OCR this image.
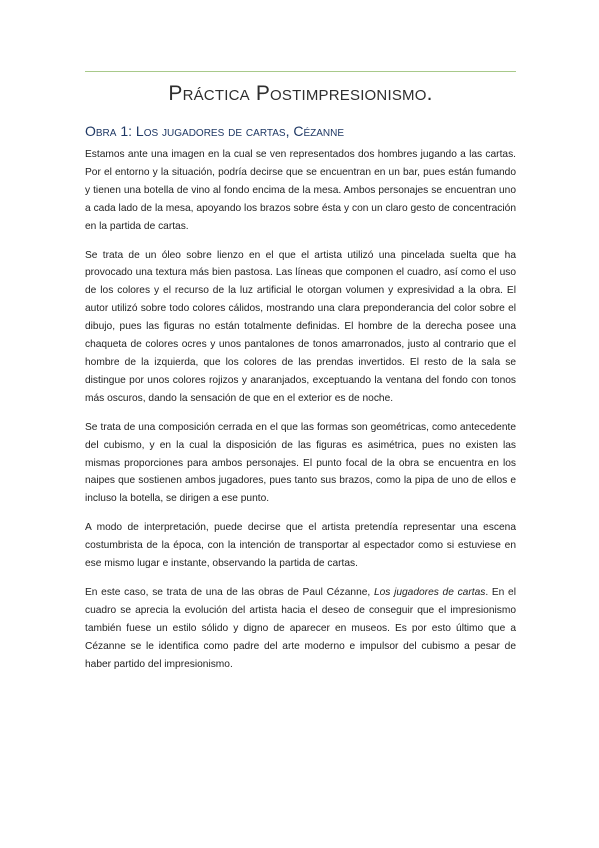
Práctica Postimpresionismo.
Obra 1: Los jugadores de cartas, Cézanne

Estamos ante una imagen en la cual se ven representados dos hombres jugando a las cartas. Por el entorno y la situación, podría decirse que se encuentran en un bar, pues están fumando y tienen una botella de vino al fondo encima de la mesa. Ambos personajes se encuentran uno a cada lado de la mesa, apoyando los brazos sobre ésta y con un claro gesto de concentración en la partida de cartas.

Se trata de un óleo sobre lienzo en el que el artista utilizó una pincelada suelta que ha provocado una textura más bien pastosa. Las líneas que componen el cuadro, así como el uso de los colores y el recurso de la luz artificial le otorgan volumen y expresividad a la obra. El autor utilizó sobre todo colores cálidos, mostrando una clara preponderancia del color sobre el dibujo, pues las figuras no están totalmente definidas. El hombre de la derecha posee una chaqueta de colores ocres y unos pantalones de tonos amarronados, justo al contrario que el hombre de la izquierda, que los colores de las prendas invertidos. El resto de la sala se distingue por unos colores rojizos y anaranjados, exceptuando la ventana del fondo con tonos más oscuros, dando la sensación de que en el exterior es de noche.

Se trata de una composición cerrada en el que las formas son geométricas, como antecedente del cubismo, y en la cual la disposición de las figuras es asimétrica, pues no existen las mismas proporciones para ambos personajes. El punto focal de la obra se encuentra en los naipes que sostienen ambos jugadores, pues tanto sus brazos, como la pipa de uno de ellos e incluso la botella, se dirigen a ese punto.

A modo de interpretación, puede decirse que el artista pretendía representar una escena costumbrista de la época, con la intención de transportar al espectador como si estuviese en ese mismo lugar e instante, observando la partida de cartas.

En este caso, se trata de una de las obras de Paul Cézanne, Los jugadores de cartas. En el cuadro se aprecia la evolución del artista hacia el deseo de conseguir que el impresionismo también fuese un estilo sólido y digno de aparecer en museos. Es por esto último que a Cézanne se le identifica como padre del arte moderno e impulsor del cubismo a pesar de haber partido del impresionismo.
